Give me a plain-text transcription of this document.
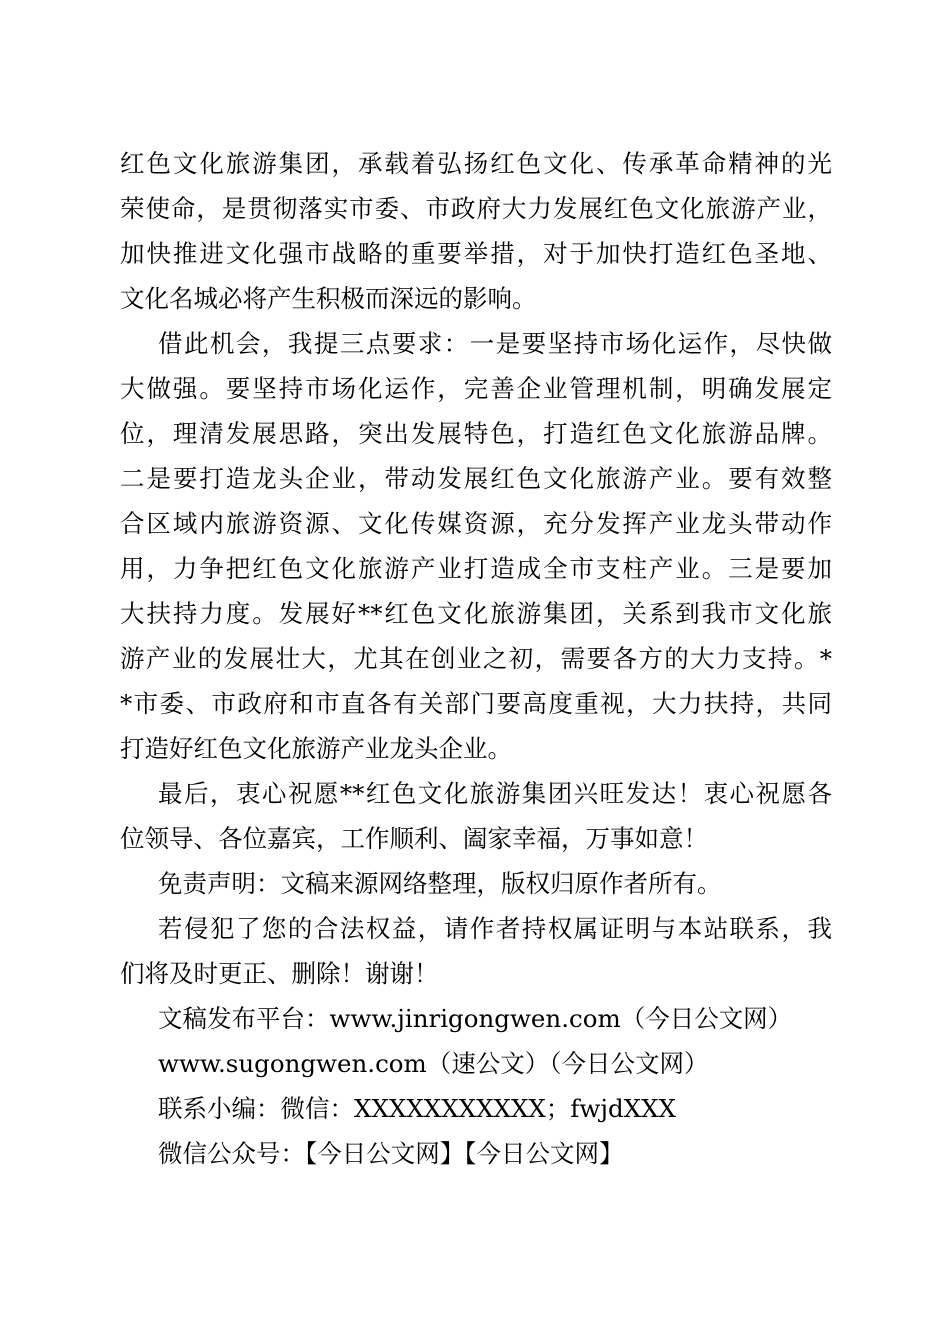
红色文化旅游集团，承载着弘扬红色文化、传承革命精神的光
荣使命，是贯彻落实市委、市政府大力发展红色文化旅游产业，
加快推进文化强市战略的重要举措，对于加快打造红色圣地、
文化名城必将产生积极而深远的影响。
借此机会，我提三点要求：一是要坚持市场化运作，尽快做
大做强。要坚持市场化运作，完善企业管理机制，明确发展定
位，理清发展思路，突出发展特色，打造红色文化旅游品牌。
二是要打造龙头企业，带动发展红色文化旅游产业。要有效整
合区域内旅游资源、文化传媒资源，充分发挥产业龙头带动作
用，力争把红色文化旅游产业打造成全市支柱产业。三是要加
大扶持力度。发展好**红色文化旅游集团，关系到我市文化旅
游产业的发展壮大，尤其在创业之初，需要各方的大力支持。*
*市委、市政府和市直各有关部门要高度重视，大力扶持，共同
打造好红色文化旅游产业龙头企业。
最后，衷心祝愿**红色文化旅游集团兴旺发达！衷心祝愿各
位领导、各位嘉宾，工作顺利、阖家幸福，万事如意！
免责声明：文稿来源网络整理，版权归原作者所有。
若侵犯了您的合法权益，请作者持权属证明与本站联系，我
们将及时更正、删除！谢谢！
文稿发布平台：www.jinrigongwen.com（今日公文网）
www.sugongwen.com（速公文）（今日公文网）
联系小编：微信：XXXXXXXXXXX；fwjdXXX
微信公众号：【今日公文网】【今日公文网】
